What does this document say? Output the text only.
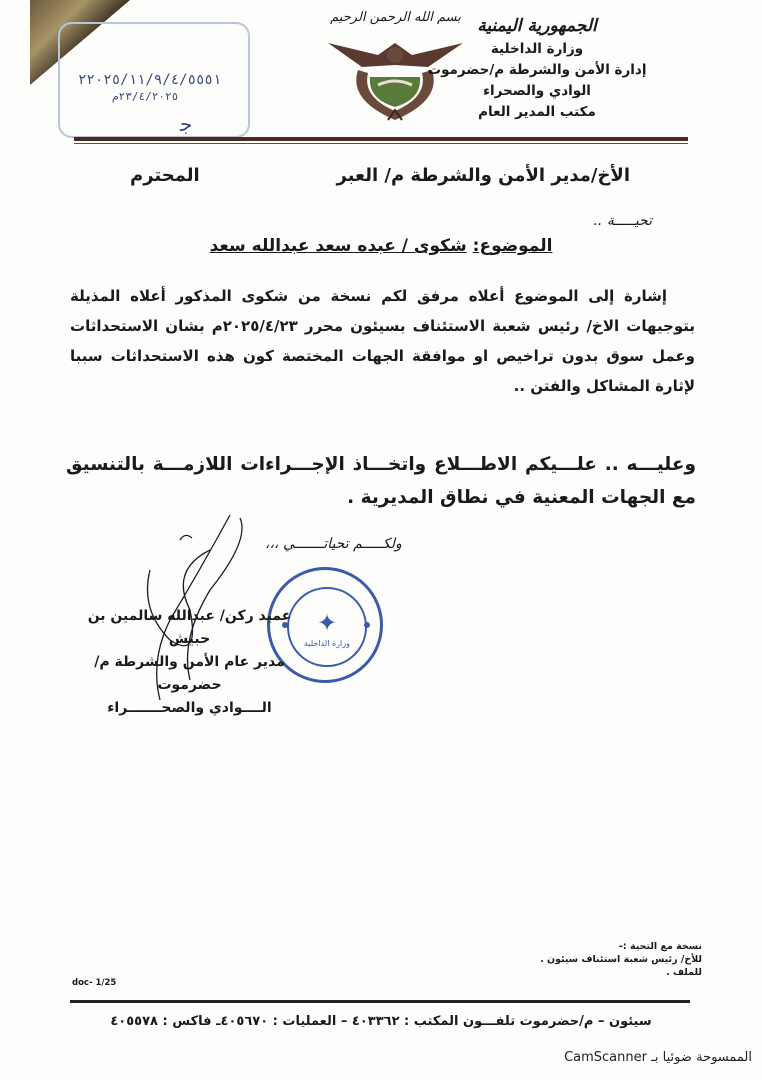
٢٢٠٢٥/١١/٩/٤/٥٥٥١
٢٣/٤/٢٠٢٥م
ﺟ
بسم الله الرحمن الرحيم الجمهورية اليمنية
وزارة الداخلية
إدارة الأمن والشرطة م/حضرموت
الوادي والصحراء
مكتب المدير العام
الأخ/مدير الأمن والشرطة م/ العبر
المحترم
تحيـــــة ..
الموضوع: شكوى / عبده سعد عبدالله سعد

إشارة إلى الموضوع أعلاه مرفق لكم نسخة من شكوى المذكور أعلاه المذيلة بتوجيهات الاخ/ رئيس شعبة الاستئناف بسيئون محرر ٢٠٢٥/٤/٢٣م بشان الاستحداثات وعمل سوق بدون تراخيص او موافقة الجهات المختصة كون هذه الاستحداثات سببا لإثارة المشاكل والفتن ..

وعليـــه .. علـــيكم الاطـــلاع واتخـــاذ الإجـــراءات اللازمـــة بالتنسيق مع الجهات المعنية في نطاق المديرية .
ولكـــــم تحياتـــــــي ،،،
✦
وزارة الداخلية
عميد ركن/ عبدالله سالمين بن حبيش
مدير عام الأمن والشرطة م/حضرموت
الــــوادي والصحـــــــراء
نسخة مع التحية :-
للأخ/ رئيس شعبة استئناف سيئون .
للملف .
doc- 1/25
سيئون – م/حضرموت تلفـــون المكتب : ٤٠٣٣٦٢ – العمليات : ٤٠٥٦٧٠ـ فاكس : ٤٠٥٥٧٨
الممسوحة ضوئيا بـ CamScanner
